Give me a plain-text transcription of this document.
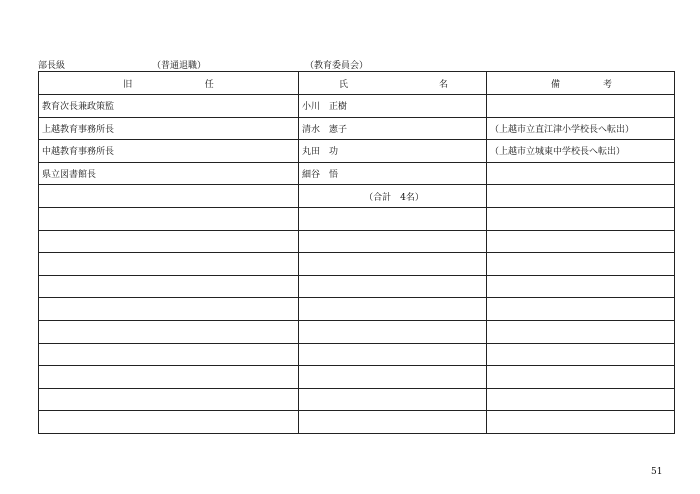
部長級	（普通退職）	（教育委員会）
旧 任	氏 名	備 考

教育次長兼政策監	小川　正樹	
上越教育事務所長	清水　憲子	（上越市立直江津小学校長へ転出）
中越教育事務所長	丸田　功	（上越市立城東中学校長へ転出）
県立図書館長	細谷　悟	
	（合計　4名）	

51
